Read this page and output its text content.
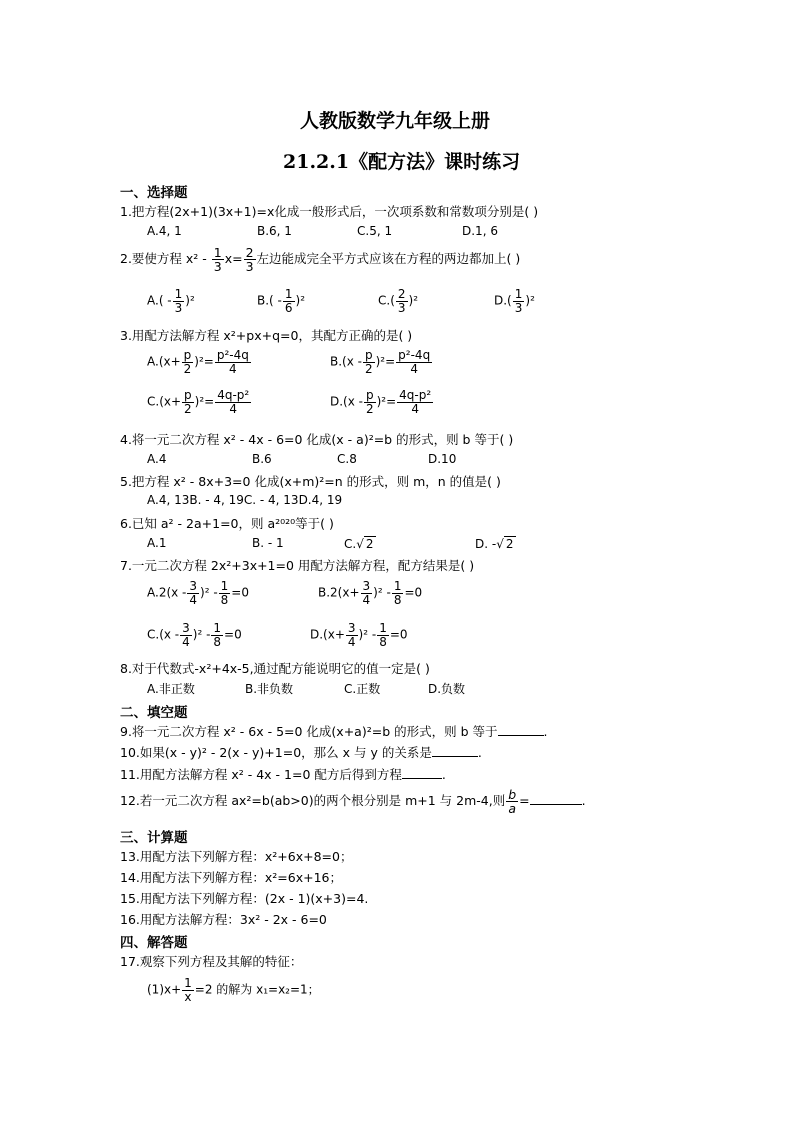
人教版数学九年级上册
21.2.1《配方法》课时练习
一、选择题
1.把方程(2x+1)(3x+1)=x化成一般形式后，一次项系数和常数项分别是( )
A.4, 1	B.6, 1	C.5, 1	D.1, 6
2.要使方程 $x^2 - \frac{1}{3} x= \frac{2}{3}$ 左边能成完全平方式应该在方程的两边都加上( )
$A.( - \frac{1}{3} )^2$	$B.( - \frac{1}{6} )^2$	$C.( \frac{2}{3} )^2$	$D.( \frac{1}{3} )^2$
3.用配方法解方程 x²+px+q=0，其配方正确的是( )
$A.(x+ \frac{p}{2} )^2= \frac{\text{p²-4q}}{4}$	$B.(x - \frac{p}{2} )^2= \frac{\text{p²-4q}}{4}$
$C.(x+ \frac{p}{2} )^2= \frac{\text{4q-p²}}{4}$	$D.(x - \frac{p}{2} )^2= \frac{\text{4q-p²}}{4}$
4.将一元二次方程 x² - 4x - 6=0 化成(x - a)²=b 的形式，则 b 等于( )
A.4	B.6	C.8	D.10
5.把方程 x² - 8x+3=0 化成(x+m)²=n 的形式，则 m，n 的值是( )
A.4, 13B. - 4, 19C. - 4, 13D.4, 19
6.已知 a² - 2a+1=0，则 a²⁰²⁰等于( )
A.1	B. - 1	C.√ 2	D. -√ 2
7.一元二次方程 2x²+3x+1=0 用配方法解方程，配方结果是( )
$A.2(x - \frac{3}{4} )^2 - \frac{1}{8} =0$	$B.2(x+ \frac{3}{4} )^2 - \frac{1}{8} =0$
$C.(x - \frac{3}{4} )^2 - \frac{1}{8} =0$	$D.(x+ \frac{3}{4} )^2 - \frac{1}{8} =0$
8.对于代数式-x²+4x-5,通过配方能说明它的值一定是( )
A.非正数	B.非负数	C.正数	D.负数
二、填空题
9.将一元二次方程 x² - 6x - 5=0 化成(x+a)²=b 的形式，则 b 等于	.
10.如果(x - y)² - 2(x - y)+1=0，那么 x 与 y 的关系是	.
11.用配方法解方程 x² - 4x - 1=0 配方后得到方程	.
12.若一元二次方程 ax²=b(ab>0)的两个根分别是 m+1 与 2m-4,则 $\frac{b}{a}$ =	.
三、计算题
13.用配方法下列解方程：x²+6x+8=0；
14.用配方法下列解方程：x²=6x+16；
15.用配方法下列解方程：(2x - 1)(x+3)=4.
16.用配方法解方程：3x² - 2x - 6=0
四、解答题
17.观察下列方程及其解的特征：
$(1)x+ \frac{1}{x} =2$ 的解为 x₁=x₂=1；
